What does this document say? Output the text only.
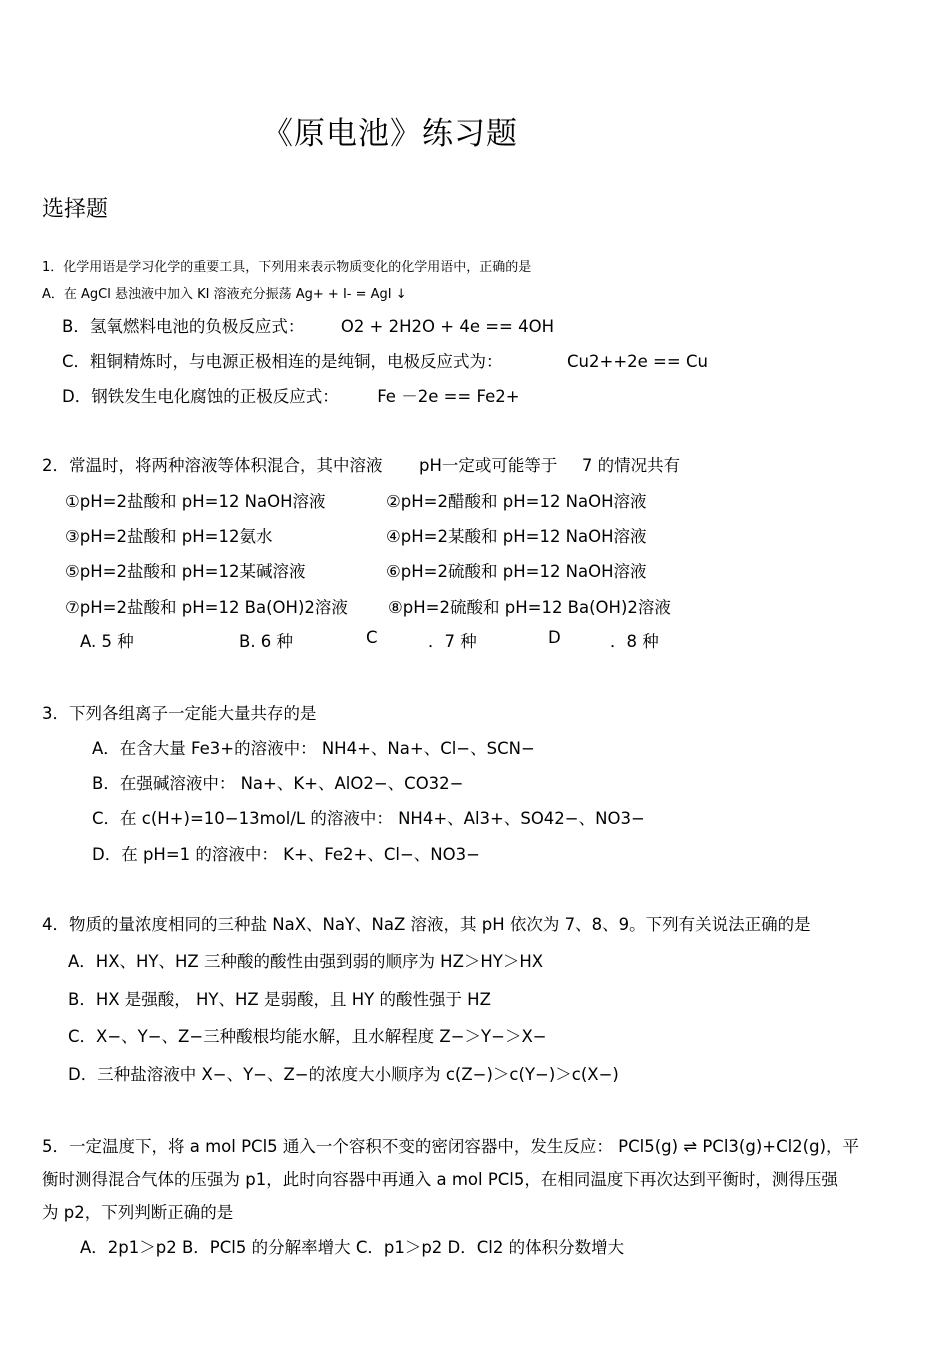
《原电池》练习题
选择题
1．化学用语是学习化学的重要工具，下列用来表示物质变化的化学用语中，正确的是
A．在 AgCl 悬浊液中加入 KI 溶液充分振荡 Ag+ + I- = AgI ↓
B．氢氧燃料电池的负极反应式： O2 + 2H2O + 4e == 4OH
C．粗铜精炼时，与电源正极相连的是纯铜，电极反应式为：	Cu2++2e == Cu
D．钢铁发生电化腐蚀的正极反应式： Fe －2e == Fe2+
2．常温时，将两种溶液等体积混合，其中溶液 pH一定或可能等于 7 的情况共有
①pH=2盐酸和 pH=12 NaOH溶液	②pH=2醋酸和 pH=12 NaOH溶液
③pH=2盐酸和 pH=12氨水	④pH=2某酸和 pH=12 NaOH溶液
⑤pH=2盐酸和 pH=12某碱溶液	⑥pH=2硫酸和 pH=12 NaOH溶液
⑦pH=2盐酸和 pH=12 Ba(OH)2溶液 ⑧pH=2硫酸和 pH=12 Ba(OH)2溶液
A. 5 种	B. 6 种	C	．7 种	D	．8 种
3．下列各组离子一定能大量共存的是
A．在含大量 Fe3+的溶液中： NH4+、Na+、Cl−、SCN−
B．在强碱溶液中： Na+、K+、AlO2−、CO32−
C．在 c(H+)=10−13mol/L 的溶液中： NH4+、Al3+、SO42−、NO3−
D．在 pH=1 的溶液中： K+、Fe2+、Cl−、NO3−
4．物质的量浓度相同的三种盐 NaX、NaY、NaZ 溶液，其 pH 依次为 7、8、9。下列有关说法正确的是
A．HX、HY、HZ 三种酸的酸性由强到弱的顺序为 HZ＞HY＞HX
B．HX 是强酸， HY、HZ 是弱酸，且 HY 的酸性强于 HZ
C．X−、Y−、Z−三种酸根均能水解，且水解程度 Z−＞Y−＞X−
D．三种盐溶液中 X−、Y−、Z−的浓度大小顺序为 c(Z−)＞c(Y−)＞c(X−)
5．一定温度下，将 a mol PCl5 通入一个容积不变的密闭容器中，发生反应： PCl5(g) ⇌ PCl3(g)+Cl2(g)，平
衡时测得混合气体的压强为 p1，此时向容器中再通入 a mol PCl5，在相同温度下再次达到平衡时，测得压强
为 p2，下列判断正确的是
A．2p1＞p2 B．PCl5 的分解率增大 C．p1＞p2 D．Cl2 的体积分数增大
